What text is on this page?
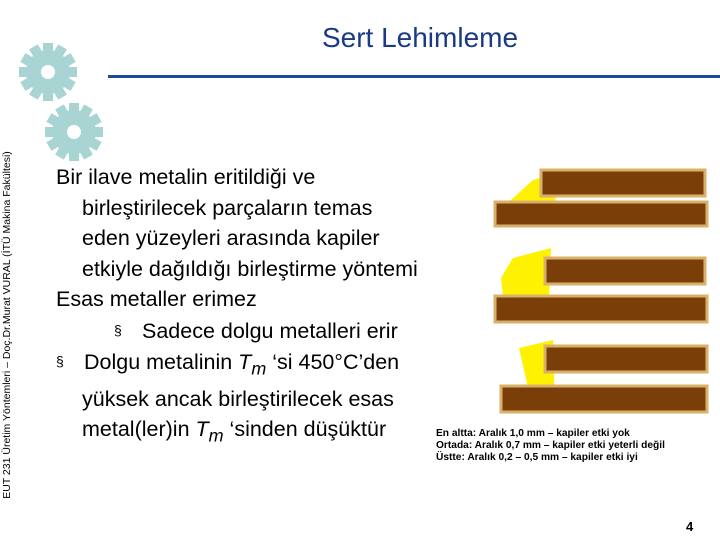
EUT 231 Üretim Yöntemleri – Doç.Dr.Murat VURAL (İTÜ Makina Fakültesi)
Sert Lehimleme
Bir ilave metalin eritildiği ve
birleştirilecek parçaların temas
eden yüzeyleri arasında kapiler
etkiyle dağıldığı birleştirme yöntemi
Esas metaller erimez
§ Sadece dolgu metalleri erir
§ Dolgu metalinin $T_m$ ‘si 450°C’den
yüksek ancak birleştirilecek esas
metal(ler)in $T_m$ ‘sinden düşüktür	En altta: Aralık 1,0 mm – kapiler etki yok
Ortada: Aralık 0,7 mm – kapiler etki yeterli değil
Üstte: Aralık 0,2 – 0,5 mm – kapiler etki iyi
4
